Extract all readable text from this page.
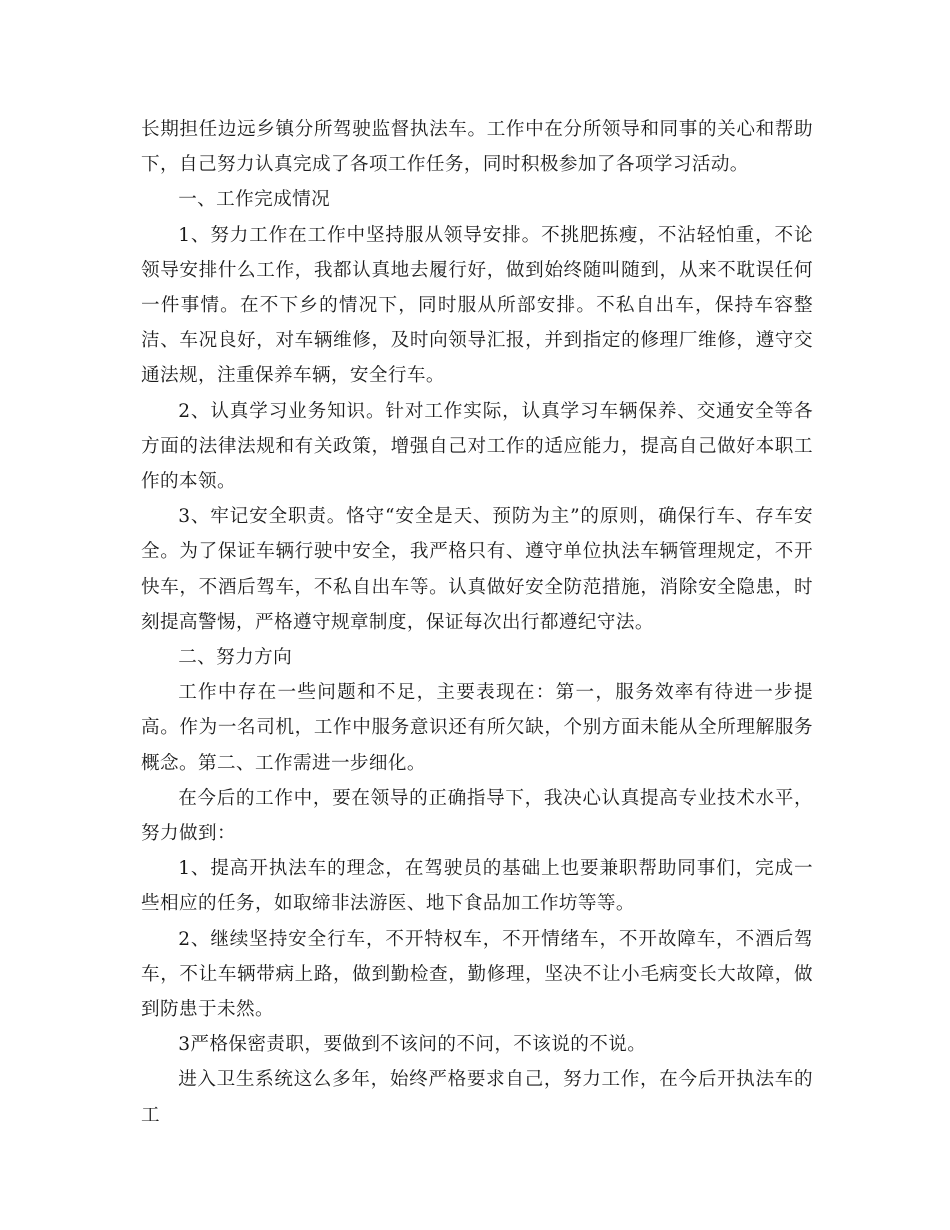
长期担任边远乡镇分所驾驶监督执法车。工作中在分所领导和同事的关心和帮助下，自己努力认真完成了各项工作任务，同时积极参加了各项学习活动。

一、工作完成情况

1、努力工作在工作中坚持服从领导安排。不挑肥拣瘦，不沾轻怕重，不论领导安排什么工作，我都认真地去履行好，做到始终随叫随到，从来不耽误任何一件事情。在不下乡的情况下，同时服从所部安排。不私自出车，保持车容整洁、车况良好，对车辆维修，及时向领导汇报，并到指定的修理厂维修，遵守交通法规，注重保养车辆，安全行车。

2、认真学习业务知识。针对工作实际，认真学习车辆保养、交通安全等各方面的法律法规和有关政策，增强自己对工作的适应能力，提高自己做好本职工作的本领。

3、牢记安全职责。恪守“安全是天、预防为主”的原则，确保行车、存车安全。为了保证车辆行驶中安全，我严格只有、遵守单位执法车辆管理规定，不开快车，不酒后驾车，不私自出车等。认真做好安全防范措施，消除安全隐患，时刻提高警惕，严格遵守规章制度，保证每次出行都遵纪守法。

二、努力方向

工作中存在一些问题和不足，主要表现在：第一，服务效率有待进一步提高。作为一名司机，工作中服务意识还有所欠缺，个别方面未能从全所理解服务概念。第二、工作需进一步细化。

在今后的工作中，要在领导的正确指导下，我决心认真提高专业技术水平，努力做到：

1、提高开执法车的理念，在驾驶员的基础上也要兼职帮助同事们，完成一些相应的任务，如取缔非法游医、地下食品加工作坊等等。

2、继续坚持安全行车，不开特权车，不开情绪车，不开故障车，不酒后驾车，不让车辆带病上路，做到勤检查，勤修理，坚决不让小毛病变长大故障，做到防患于未然。

3严格保密责职，要做到不该问的不问，不该说的不说。

进入卫生系统这么多年，始终严格要求自己，努力工作，在今后开执法车的工
